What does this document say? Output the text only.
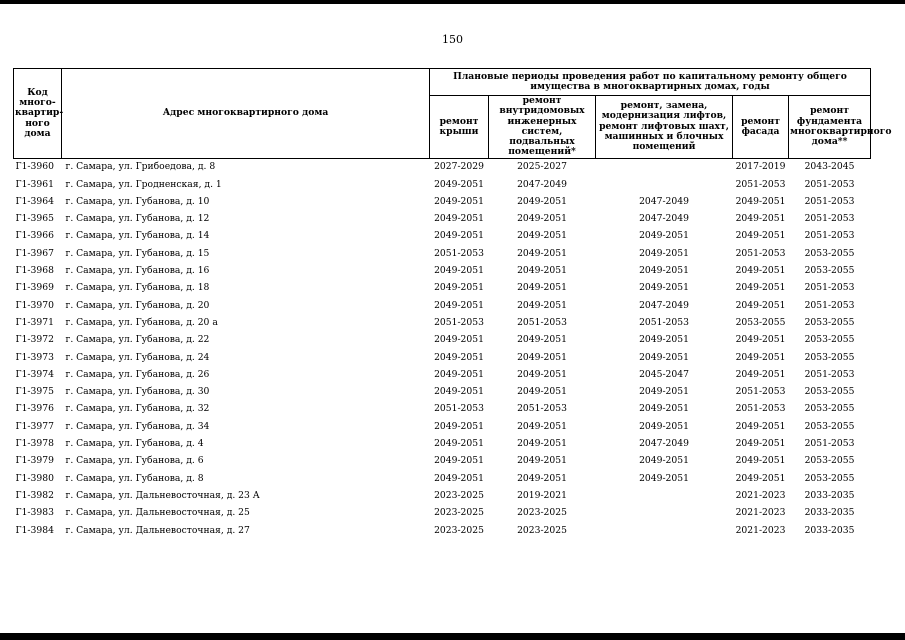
150
Код много-квартир-ного дома	Адрес многоквартирного дома	Плановые периоды проведения работ по капитальному ремонту общего имущества в многоквартирных домах, годы				
		ремонт крыши	ремонт внутридомовых инженерных систем, подвальных помещений*	ремонт, замена, модернизация лифтов, ремонт лифтовых шахт, машинных и блочных помещений	ремонт фасада	ремонт фундамента многоквартирного дома**
Г1-3960	г. Самара, ул. Грибоедова, д. 8	2027-2029	2025-2027		2017-2019	2043-2045
Г1-3961	г. Самара, ул. Гродненская, д. 1	2049-2051	2047-2049		2051-2053	2051-2053
Г1-3964	г. Самара, ул. Губанова, д. 10	2049-2051	2049-2051	2047-2049	2049-2051	2051-2053
Г1-3965	г. Самара, ул. Губанова, д. 12	2049-2051	2049-2051	2047-2049	2049-2051	2051-2053
Г1-3966	г. Самара, ул. Губанова, д. 14	2049-2051	2049-2051	2049-2051	2049-2051	2051-2053
Г1-3967	г. Самара, ул. Губанова, д. 15	2051-2053	2049-2051	2049-2051	2051-2053	2053-2055
Г1-3968	г. Самара, ул. Губанова, д. 16	2049-2051	2049-2051	2049-2051	2049-2051	2053-2055
Г1-3969	г. Самара, ул. Губанова, д. 18	2049-2051	2049-2051	2049-2051	2049-2051	2051-2053
Г1-3970	г. Самара, ул. Губанова, д. 20	2049-2051	2049-2051	2047-2049	2049-2051	2051-2053
Г1-3971	г. Самара, ул. Губанова, д. 20 а	2051-2053	2051-2053	2051-2053	2053-2055	2053-2055
Г1-3972	г. Самара, ул. Губанова, д. 22	2049-2051	2049-2051	2049-2051	2049-2051	2053-2055
Г1-3973	г. Самара, ул. Губанова, д. 24	2049-2051	2049-2051	2049-2051	2049-2051	2053-2055
Г1-3974	г. Самара, ул. Губанова, д. 26	2049-2051	2049-2051	2045-2047	2049-2051	2051-2053
Г1-3975	г. Самара, ул. Губанова, д. 30	2049-2051	2049-2051	2049-2051	2051-2053	2053-2055
Г1-3976	г. Самара, ул. Губанова, д. 32	2051-2053	2051-2053	2049-2051	2051-2053	2053-2055
Г1-3977	г. Самара, ул. Губанова, д. 34	2049-2051	2049-2051	2049-2051	2049-2051	2053-2055
Г1-3978	г. Самара, ул. Губанова, д. 4	2049-2051	2049-2051	2047-2049	2049-2051	2051-2053
Г1-3979	г. Самара, ул. Губанова, д. 6	2049-2051	2049-2051	2049-2051	2049-2051	2053-2055
Г1-3980	г. Самара, ул. Губанова, д. 8	2049-2051	2049-2051	2049-2051	2049-2051	2053-2055
Г1-3982	г. Самара, ул. Дальневосточная, д. 23 А	2023-2025	2019-2021		2021-2023	2033-2035
Г1-3983	г. Самара, ул. Дальневосточная, д. 25	2023-2025	2023-2025		2021-2023	2033-2035
Г1-3984	г. Самара, ул. Дальневосточная, д. 27	2023-2025	2023-2025		2021-2023	2033-2035
